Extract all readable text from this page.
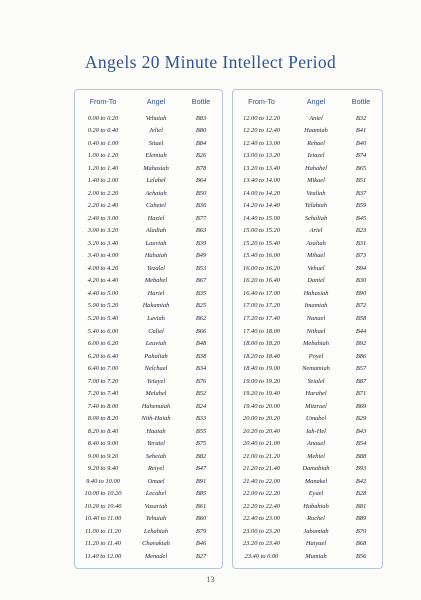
Angels 20 Minute Intellect Period
From-To	Angel	Bottle
0.00 to 0.20	Vehuiah	B83
0.20 to 0.40	Jeliel	B80
0.40 to 1.00	Sitael	B84
1.00 to 1.20	Elemiah	B26
1.20 to 1.40	Mahasiah	B78
1.40 to 2.00	Lelahel	B64
2.00 to 2.20	Achaiah	B50
2.20 to 2.40	Cahetel	B36
2.40 to 3.00	Haziel	B77
3.00 to 3.20	Aladiah	B63
3.20 to 3.40	Lauviah	B39
3.40 to 4.00	Hahaiah	B49
4.00 to 4.20	Yezalel	B53
4.20 to 4.40	Mebahel	B67
4.40 to 5.00	Hariel	B35
5.00 to 5.20	Hakamiah	B25
5.20 to 5.40	Laviah	B62
5.40 to 6.00	Caliel	B66
6.00 to 6.20	Leuviah	B48
6.20 to 6.40	Pahaliah	B38
6.40 to 7.00	Nelchael	B34
7.00 to 7.20	Yeiayel	B76
7.20 to 7.40	Melahel	B52
7.40 to 8.00	Hahenuiah	B24
8.00 to 8.20	Nith-Haiah	B33
8.20 to 8.40	Haaiah	B55
8.40 to 9.00	Yeratel	B75
9.00 to 9.20	Seheiah	B82
9.20 to 9.40	Reiyel	B47
9.40 to 10.00	Omael	B91
10.00 to 10.20	Lecabel	B85
10.20 to 10.40	Vasariah	B61
10.40 to 11.00	Yehuiah	B60
11.00 to 11.20	Lehahiah	B79
11.20 to 11.40	Chavakiah	B46
11.40 to 12.00	Menadel	B27
From-To	Angel	Bottle
12.00 to 12.20	Aniel	B32
12.20 to 12.40	Haamiah	B41
12.40 to 13.00	Rehael	B40
13.00 to 13.20	Ieiazel	B74
13.20 to 13.40	Hahahel	B65
13.40 to 14.00	Mikael	B51
14.00 to 14.20	Veuliah	B37
14.20 to 14.40	Yelahiah	B59
14.40 to 15.00	Sehaliah	B45
15.00 to 15.20	Ariel	B23
15.20 to 15.40	Asaliah	B31
15.40 to 16.00	Mihael	B73
16.00 to 16.20	Vehuel	B94
16.20 to 16.40	Daniel	B30
16.40 to 17.00	Hahasiah	B90
17.00 to 17.20	Imamiah	B72
17.20 to 17.40	Nanael	B58
17.40 to 18.00	Nithael	B44
18.00 to 18.20	Mebahiah	B92
18.20 to 18.40	Poyel	B86
18.40 to 19.00	Nemamiah	B57
19.00 to 19.20	Yeialel	B87
19.20 to 19.40	Harahel	B71
19.40 to 20.00	Mitzrael	B69
20.00 to 20.20	Umabel	B29
20.20 to 20.40	Iah-Hel	B43
20.40 to 21.00	Anauel	B54
21.00 to 21.20	Mehiel	B88
21.20 to 21.40	Damabiah	B93
21.40 to 22.00	Manakel	B42
22.00 to 22.20	Eyael	B28
22.20 to 22.40	Habuhiah	B81
22.40 to 23.00	Rochel	B89
23.00 to 23.20	Jabamiah	B70
23.20 to 23.40	Haiyael	B68
23.40 to 0.00	Mumiah	B56
13
